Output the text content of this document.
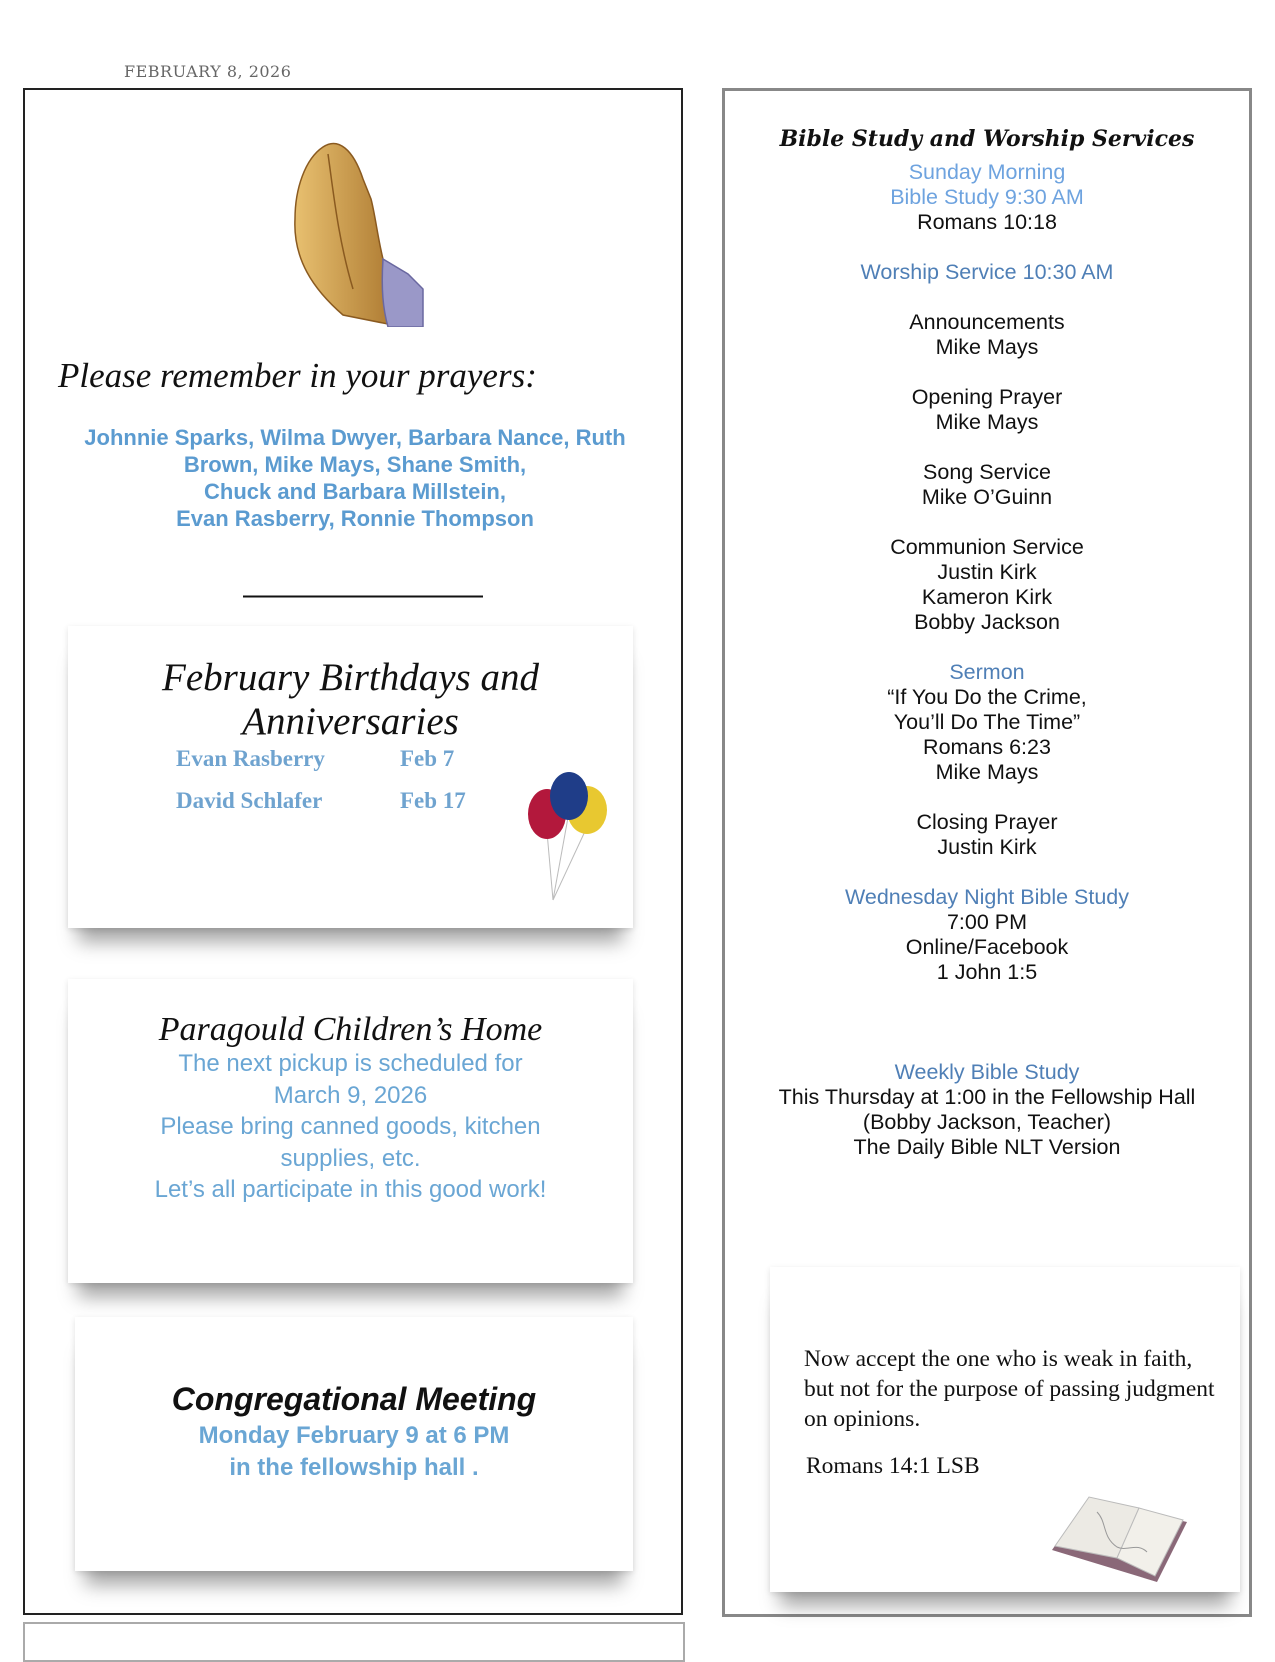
FEBRUARY 8, 2026
Please remember in your prayers:
Johnnie Sparks, Wilma Dwyer, Barbara Nance, Ruth
Brown, Mike Mays, Shane Smith,
Chuck and Barbara Millstein,
Evan Rasberry, Ronnie Thompson
————————
February Birthdays and
Anniversaries
Evan Rasberry	Feb 7
David Schlafer	Feb 17
Paragould Children’s Home
The next pickup is scheduled for
March 9, 2026
Please bring canned goods, kitchen
supplies, etc.
Let’s all participate in this good work!
Congregational Meeting
Monday February 9 at 6 PM
in the fellowship hall .
Bible Study and Worship Services
Sunday Morning
Bible Study 9:30 AM
Romans 10:18
Worship Service 10:30 AM
Announcements
Mike Mays
Opening Prayer
Mike Mays
Song Service
Mike O’Guinn
Communion Service
Justin Kirk
Kameron Kirk
Bobby Jackson
Sermon
“If You Do the Crime,
You’ll Do The Time”
Romans 6:23
Mike Mays
Closing Prayer
Justin Kirk
Wednesday Night Bible Study
7:00 PM
Online/Facebook
1 John 1:5
Weekly Bible Study
This Thursday at 1:00 in the Fellowship Hall
(Bobby Jackson, Teacher)
The Daily Bible NLT Version
Now accept the one who is weak in faith, but not for the purpose of passing judgment on opinions.
Romans 14:1 LSB
